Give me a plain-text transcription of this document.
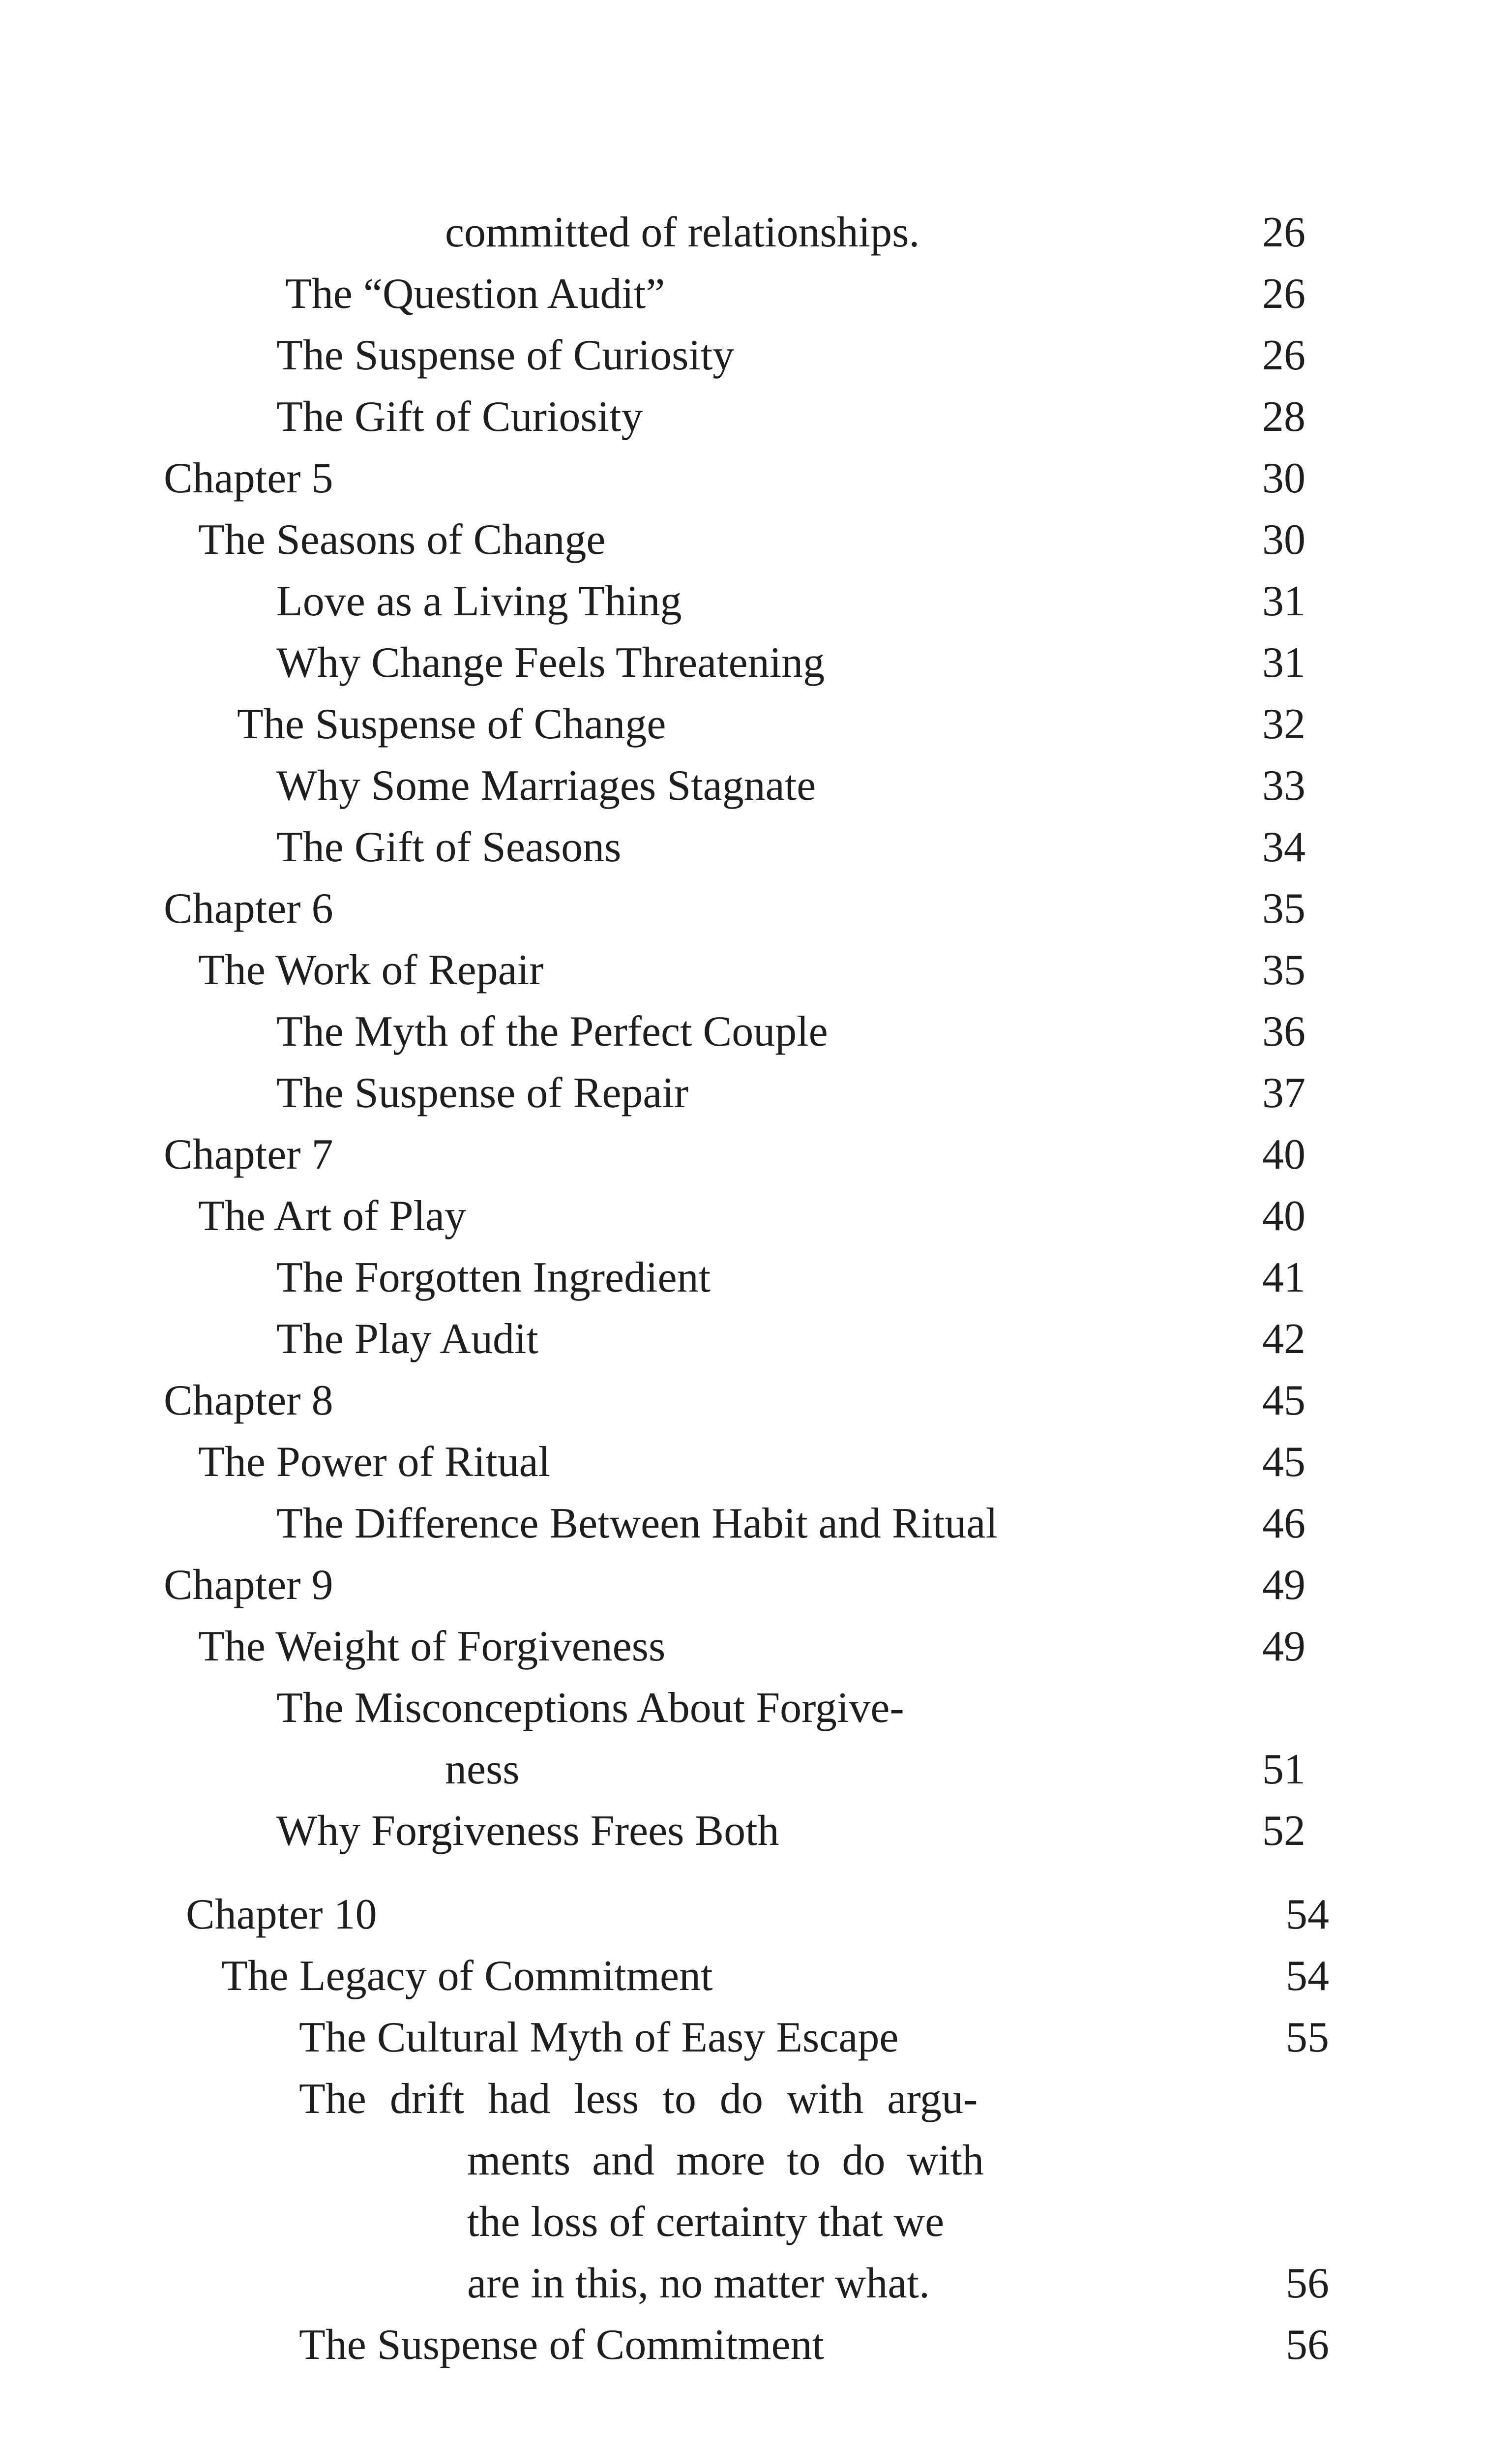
committed of relationships.	26
The “Question Audit”	26
The Suspense of Curiosity	26
The Gift of Curiosity	28
Chapter 5	30
The Seasons of Change	30
Love as a Living Thing	31
Why Change Feels Threatening	31
The Suspense of Change	32
Why Some Marriages Stagnate	33
The Gift of Seasons	34
Chapter 6	35
The Work of Repair	35
The Myth of the Perfect Couple	36
The Suspense of Repair	37
Chapter 7	40
The Art of Play	40
The Forgotten Ingredient	41
The Play Audit	42
Chapter 8	45
The Power of Ritual	45
The Difference Between Habit and Ritual	46
Chapter 9	49
The Weight of Forgiveness	49
The Misconceptions About Forgive-
ness	51
Why Forgiveness Frees Both	52
Chapter 10	54
The Legacy of Commitment	54
The Cultural Myth of Easy Escape	55
The drift had less to do with argu-
ments and more to do with
the loss of certainty that we
are in this, no matter what.	56
The Suspense of Commitment	56
